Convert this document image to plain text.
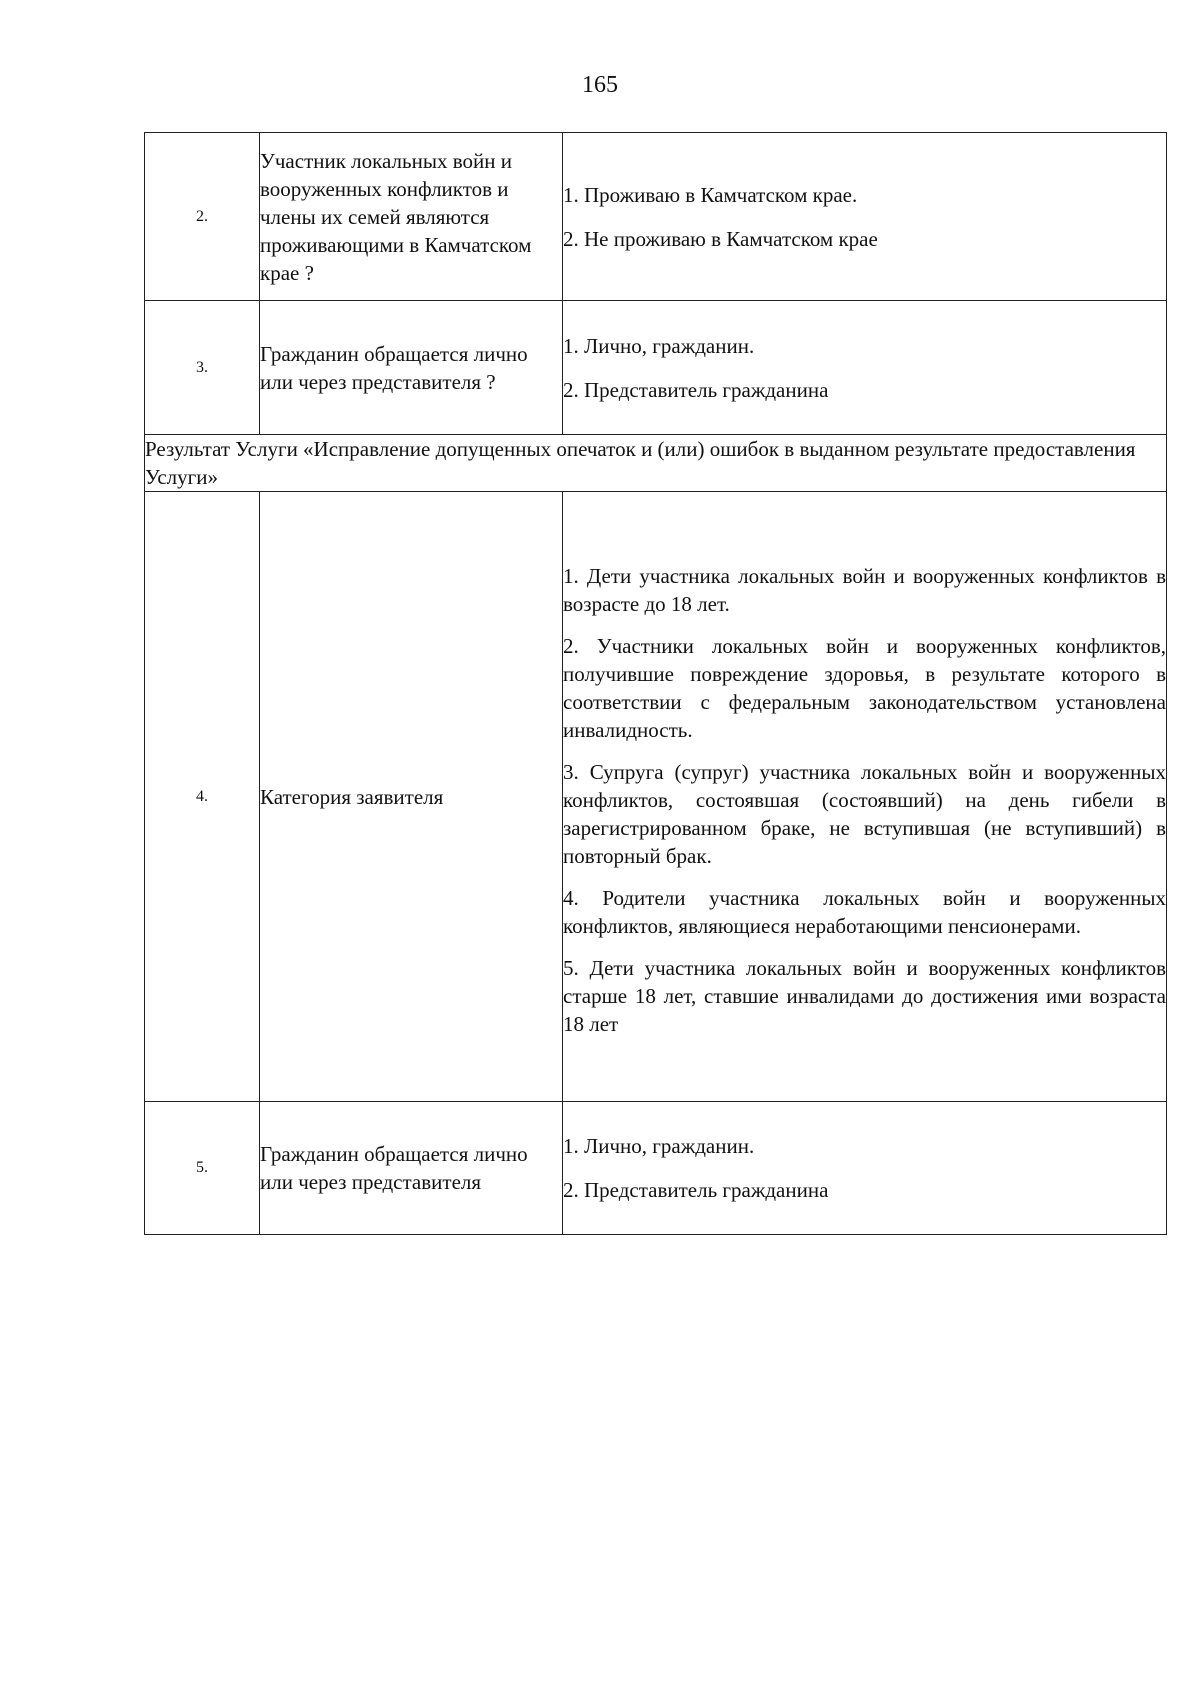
165
2.	Участник локальных войн и вооруженных конфликтов и члены их семей являются проживающими в Камчатском крае ?	1. Проживаю в Камчатском крае.

2. Не проживаю в Камчатском крае

3.	Гражданин обращается лично или через представителя ?	1. Лично, гражданин.

2. Представитель гражданина

Результат Услуги «Исправление допущенных опечаток и (или) ошибок в выданном результате предоставления Услуги»		
4.	Категория заявителя	1. Дети участника локальных войн и вооруженных конфликтов в возрасте до 18 лет.

2. Участники локальных войн и вооруженных конфликтов, получившие повреждение здоровья, в результате которого в соответствии с федеральным законодательством установлена инвалидность.

3. Супруга (супруг) участника локальных войн и вооруженных конфликтов, состоявшая (состоявший) на день гибели в зарегистрированном браке, не вступившая (не вступивший) в повторный брак.

4. Родители участника локальных войн и вооруженных конфликтов, являющиеся неработающими пенсионерами.

5. Дети участника локальных войн и вооруженных конфликтов старше 18 лет, ставшие инвалидами до достижения ими возраста 18 лет

5.	Гражданин обращается лично или через представителя	1. Лично, гражданин.

2. Представитель гражданина
